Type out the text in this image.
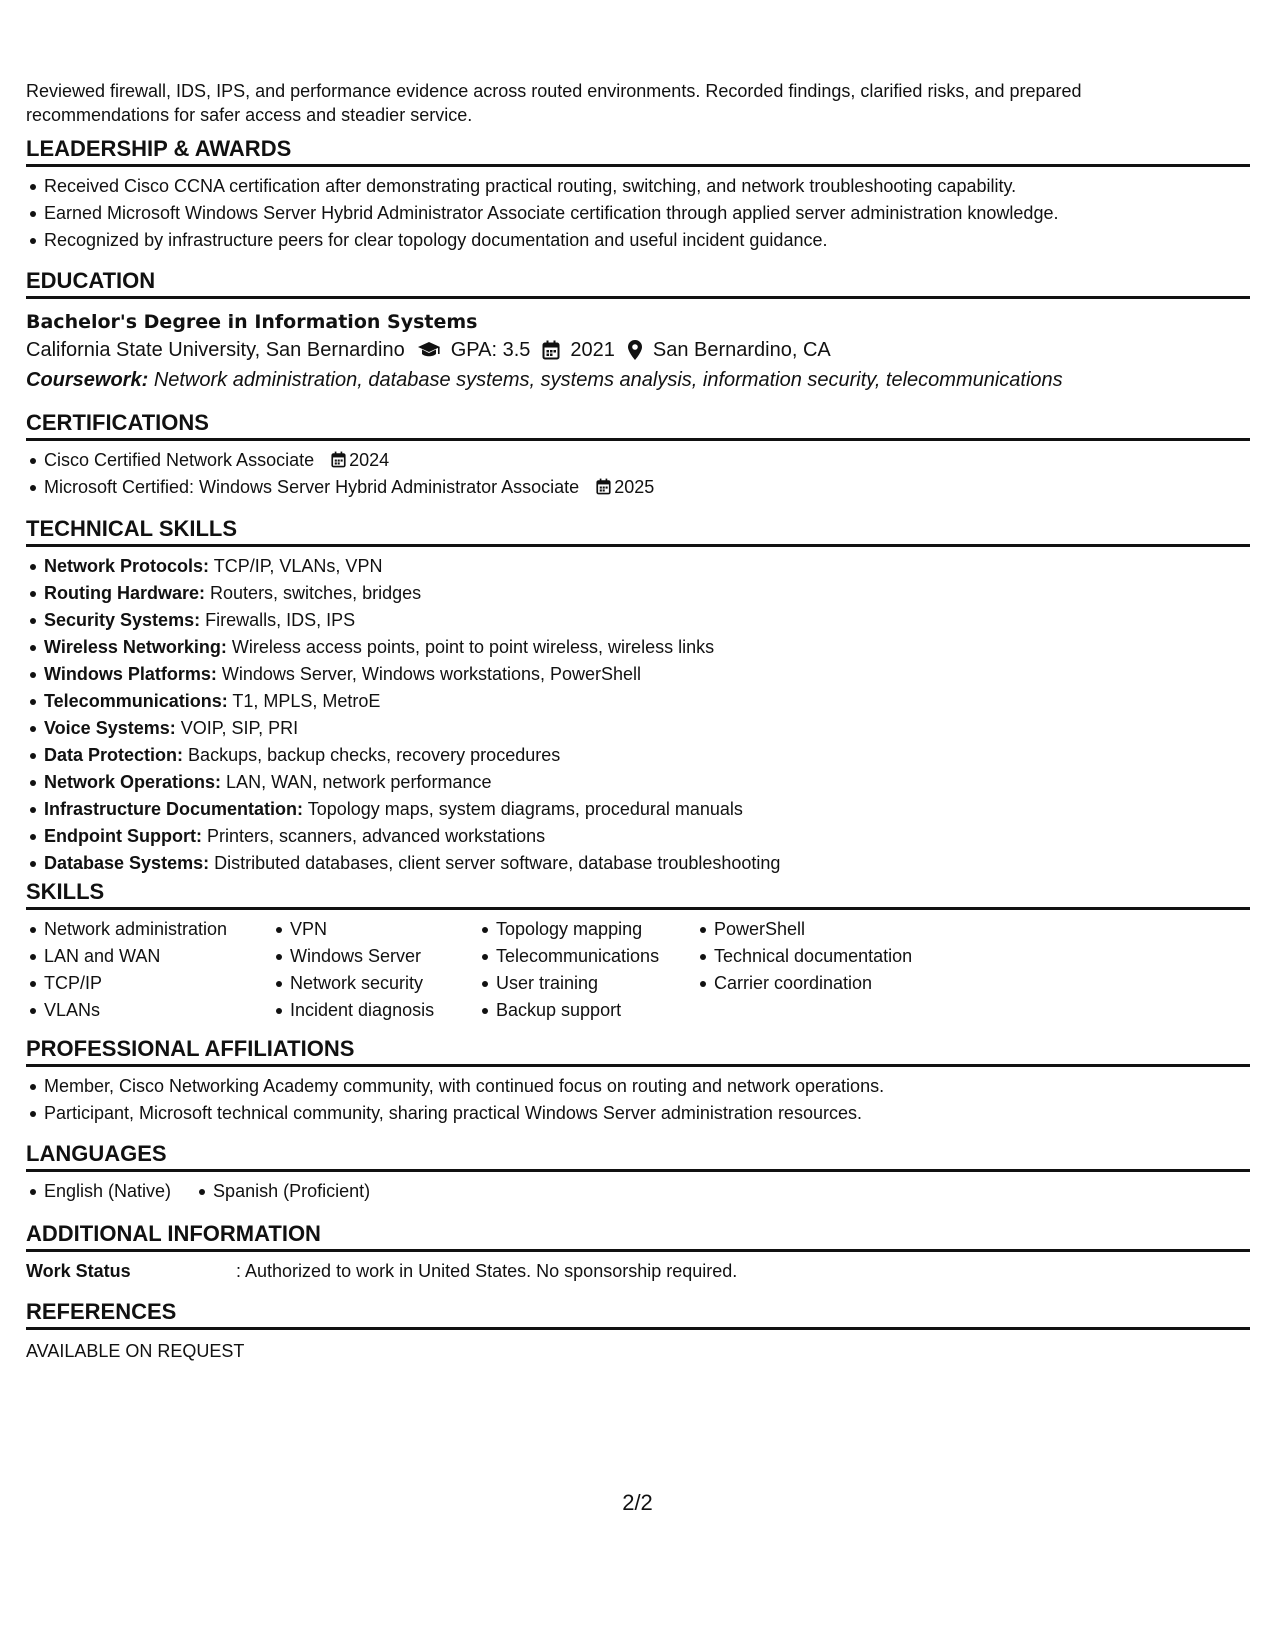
Reviewed firewall, IDS, IPS, and performance evidence across routed environments. Recorded findings, clarified risks, and prepared recommendations for safer access and steadier service.

LEADERSHIP & AWARDS
Received Cisco CCNA certification after demonstrating practical routing, switching, and network troubleshooting capability.
Earned Microsoft Windows Server Hybrid Administrator Associate certification through applied server administration knowledge.
Recognized by infrastructure peers for clear topology documentation and useful incident guidance.
EDUCATION
Bachelor's Degree in Information Systems
California State University, San Bernardino GPA: 3.5 2021 San Bernardino, CA
Coursework: Network administration, database systems, systems analysis, information security, telecommunications
CERTIFICATIONS
Cisco Certified Network Associate 2024
Microsoft Certified: Windows Server Hybrid Administrator Associate 2025
TECHNICAL SKILLS
Network Protocols: TCP/IP, VLANs, VPN
Routing Hardware: Routers, switches, bridges
Security Systems: Firewalls, IDS, IPS
Wireless Networking: Wireless access points, point to point wireless, wireless links
Windows Platforms: Windows Server, Windows workstations, PowerShell
Telecommunications: T1, MPLS, MetroE
Voice Systems: VOIP, SIP, PRI
Data Protection: Backups, backup checks, recovery procedures
Network Operations: LAN, WAN, network performance
Infrastructure Documentation: Topology maps, system diagrams, procedural manuals
Endpoint Support: Printers, scanners, advanced workstations
Database Systems: Distributed databases, client server software, database troubleshooting
SKILLS
Network administration
LAN and WAN
TCP/IP
VLANs
VPN
Windows Server
Network security
Incident diagnosis
Topology mapping
Telecommunications
User training
Backup support
PowerShell
Technical documentation
Carrier coordination
PROFESSIONAL AFFILIATIONS
Member, Cisco Networking Academy community, with continued focus on routing and network operations.
Participant, Microsoft technical community, sharing practical Windows Server administration resources.
LANGUAGES
English (Native)	Spanish (Proficient)
ADDITIONAL INFORMATION
Work Status	: Authorized to work in United States. No sponsorship required.
REFERENCES
AVAILABLE ON REQUEST
2/2
